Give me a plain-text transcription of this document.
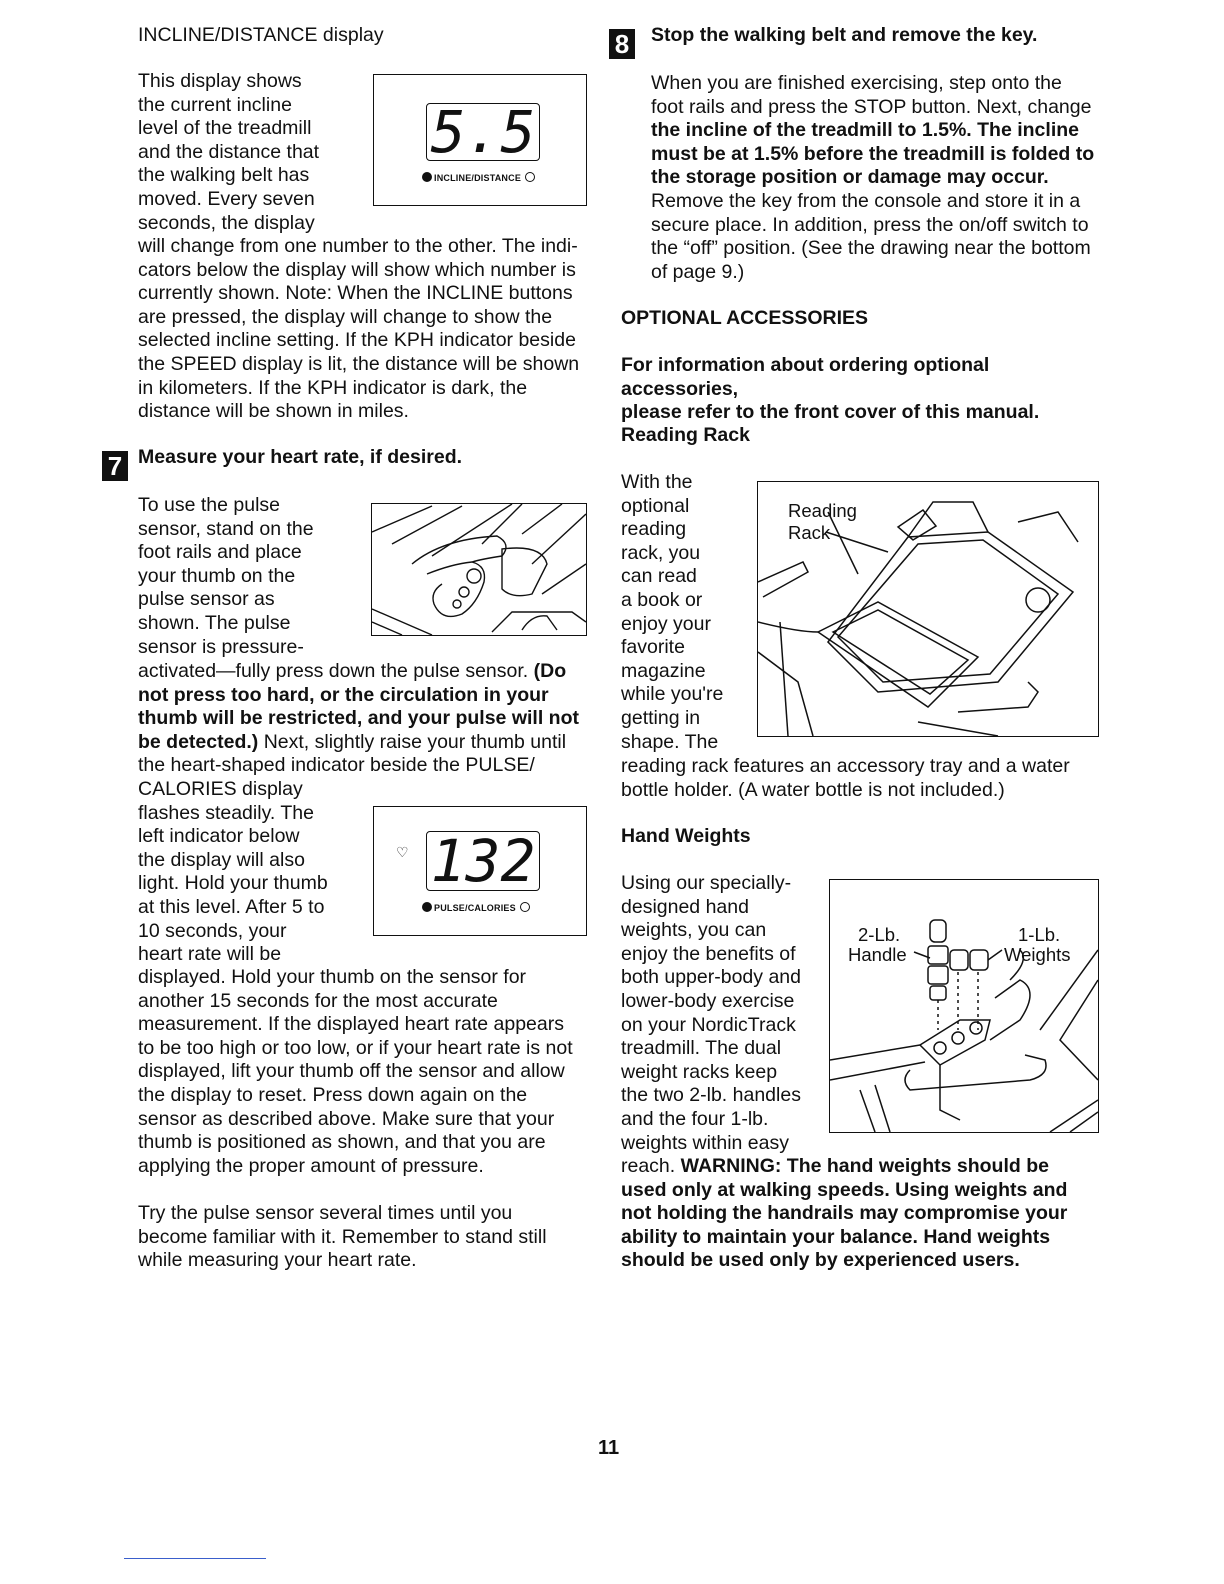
INCLINE/DISTANCE display

This display shows

the current incline

level of the treadmill

and the distance that

the walking belt has

moved. Every seven

seconds, the display

5.5
INCLINE/DISTANCE

will change from one number to the other. The indi-

cators below the display will show which number is

currently shown. Note: When the INCLINE buttons

are pressed, the display will change to show the

selected incline setting. If the KPH indicator beside

the SPEED display is lit, the distance will be shown

in kilometers. If the KPH indicator is dark, the

distance will be shown in miles.

7 Measure your heart rate, if desired.

To use the pulse

sensor, stand on the

foot rails and place

your thumb on the

pulse sensor as

shown. The pulse

sensor is pressure-

activated—fully press down the pulse sensor. (Do

not press too hard, or the circulation in your

thumb will be restricted, and your pulse will not

be detected.) Next, slightly raise your thumb until

the heart-shaped indicator beside the PULSE/

CALORIES display

flashes steadily. The

left indicator below

the display will also

light. Hold your thumb

at this level. After 5 to

10 seconds, your

heart rate will be

♡ 132
PULSE/CALORIES

displayed. Hold your thumb on the sensor for

another 15 seconds for the most accurate

measurement. If the displayed heart rate appears

to be too high or too low, or if your heart rate is not

displayed, lift your thumb off the sensor and allow

the display to reset. Press down again on the

sensor as described above. Make sure that your

thumb is positioned as shown, and that you are

applying the proper amount of pressure.

Try the pulse sensor several times until you

become familiar with it. Remember to stand still

while measuring your heart rate.

8 Stop the walking belt and remove the key.

When you are finished exercising, step onto the

foot rails and press the STOP button. Next, change

the incline of the treadmill to 1.5%. The incline

must be at 1.5% before the treadmill is folded to

the storage position or damage may occur.

Remove the key from the console and store it in a

secure place. In addition, press the on/off switch to

the “off” position. (See the drawing near the bottom

of page 9.)

OPTIONAL ACCESSORIES

For information about ordering optional accessories,

please refer to the front cover of this manual.

Reading Rack

With the

optional

reading

rack, you

can read

a book or

enjoy your

favorite

magazine

while you're

getting in

shape. The

Reading
Rack

reading rack features an accessory tray and a water

bottle holder. (A water bottle is not included.)

Hand Weights

Using our specially-

designed hand

weights, you can

enjoy the benefits of

both upper-body and

lower-body exercise

on your NordicTrack

treadmill. The dual

weight racks keep

the two 2-lb. handles

and the four 1-lb.

weights within easy

2-Lb.
Handle
1-Lb.
Weights

reach. WARNING: The hand weights should be

used only at walking speeds. Using weights and

not holding the handrails may compromise your

ability to maintain your balance. Hand weights

should be used only by experienced users.

11
